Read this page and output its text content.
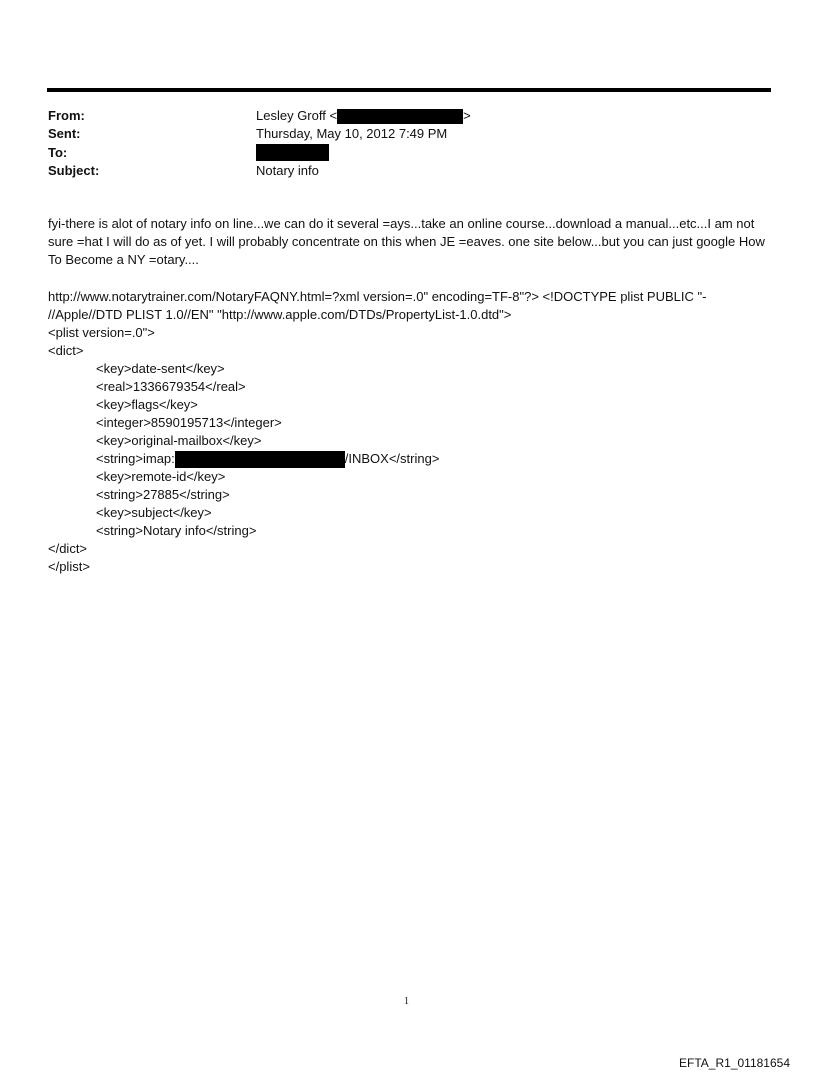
From:	Lesley Groff <	>
Sent:	Thursday, May 10, 2012 7:49 PM
To:
Subject:	Notary info
fyi-there is alot of notary info on line...we can do it several =ays...take an online course...download a manual...etc...I am not sure =hat I will do as of yet. I will probably concentrate on this when JE =eaves. one site below...but you can just google How To Become a NY =otary....
http://www.notarytrainer.com/NotaryFAQNY.html=?xml version=.0" encoding=TF-8"?> <!DOCTYPE plist PUBLIC "-
//Apple//DTD PLIST 1.0//EN" "http://www.apple.com/DTDs/PropertyList-1.0.dtd">
<plist version=.0">
<dict>
<key>date-sent</key>
<real>1336679354</real>
<key>flags</key>
<integer>8590195713</integer>
<key>original-mailbox</key>
<string>imap:	/INBOX</string>
<key>remote-id</key>
<string>27885</string>
<key>subject</key>
<string>Notary info</string>
</dict>
</plist>
1
EFTA_R1_01181654
